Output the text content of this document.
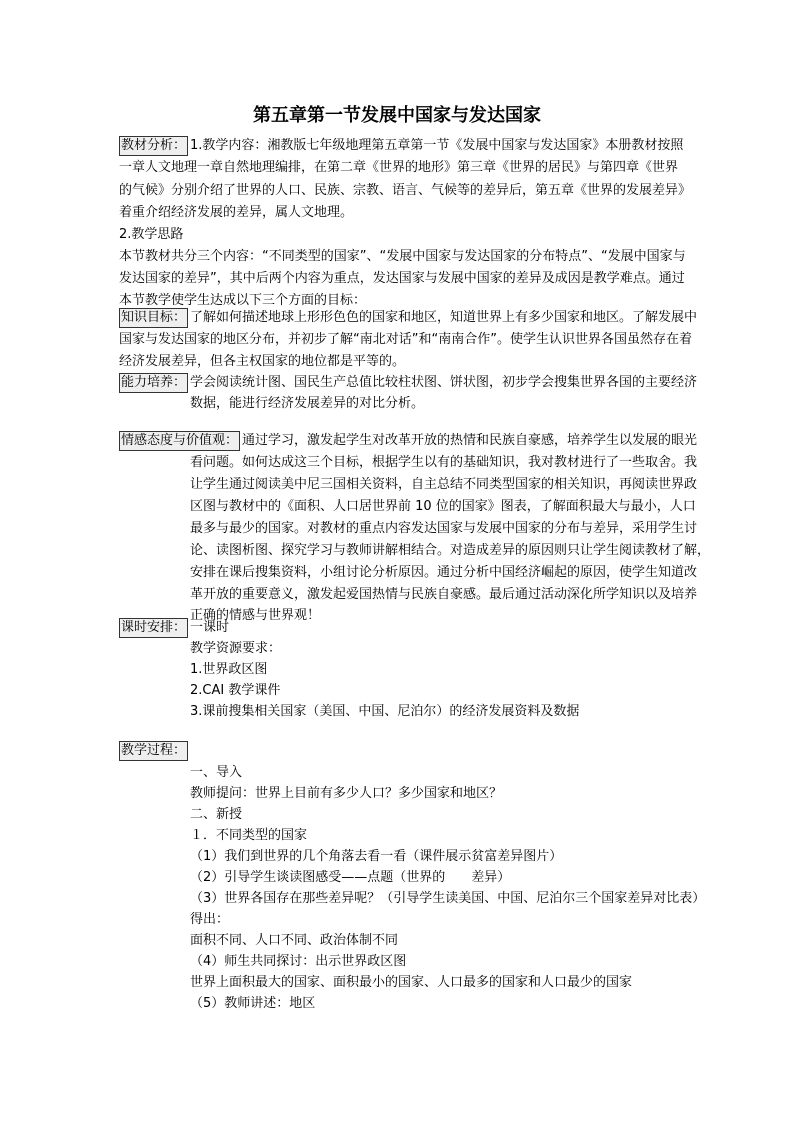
第五章第一节发展中国家与发达国家
教材分析： 1.教学内容：湘教版七年级地理第五章第一节《发展中国家与发达国家》本册教材按照
一章人文地理一章自然地理编排，在第二章《世界的地形》第三章《世界的居民》与第四章《世界
的气候》分别介绍了世界的人口、民族、宗教、语言、气候等的差异后，第五章《世界的发展差异》
着重介绍经济发展的差异，属人文地理。
2.教学思路
本节教材共分三个内容：“不同类型的国家”、“发展中国家与发达国家的分布特点”、“发展中国家与
发达国家的差异”，其中后两个内容为重点，发达国家与发展中国家的差异及成因是教学难点。通过
本节教学使学生达成以下三个方面的目标：
知识目标： 了解如何描述地球上形形色色的国家和地区，知道世界上有多少国家和地区。了解发展中
国家与发达国家的地区分布，并初步了解“南北对话”和“南南合作”。使学生认识世界各国虽然存在着
经济发展差异，但各主权国家的地位都是平等的。
能力培养： 学会阅读统计图、国民生产总值比较柱状图、饼状图，初步学会搜集世界各国的主要经济
数据，能进行经济发展差异的对比分析。
情感态度与价值观： 通过学习，激发起学生对改革开放的热情和民族自豪感，培养学生以发展的眼光
看问题。如何达成这三个目标，根据学生以有的基础知识，我对教材进行了一些取舍。我
让学生通过阅读美中尼三国相关资料，自主总结不同类型国家的相关知识，再阅读世界政
区图与教材中的《面积、人口居世界前 10 位的国家》图表，了解面积最大与最小，人口
最多与最少的国家。对教材的重点内容发达国家与发展中国家的分布与差异，采用学生讨
论、读图析图、探究学习与教师讲解相结合。对造成差异的原因则只让学生阅读教材了解，
安排在课后搜集资料，小组讨论分析原因。通过分析中国经济崛起的原因，使学生知道改
革开放的重要意义，激发起爱国热情与民族自豪感。最后通过活动深化所学知识以及培养
正确的情感与世界观！
课时安排： 一课时
教学资源要求：
1.世界政区图
2.CAI 教学课件
3.课前搜集相关国家（美国、中国、尼泊尔）的经济发展资料及数据
教学过程：
一、导入
教师提问：世界上目前有多少人口？多少国家和地区？
二、新授
１．不同类型的国家
（1）我们到世界的几个角落去看一看（课件展示贫富差异图片）
（2）引导学生谈读图感受——点题（世界的　　差异）
（3）世界各国存在那些差异呢？（引导学生读美国、中国、尼泊尔三个国家差异对比表）
得出：
面积不同、人口不同、政治体制不同
（4）师生共同探讨：出示世界政区图
世界上面积最大的国家、面积最小的国家、人口最多的国家和人口最少的国家
（5）教师讲述：地区
